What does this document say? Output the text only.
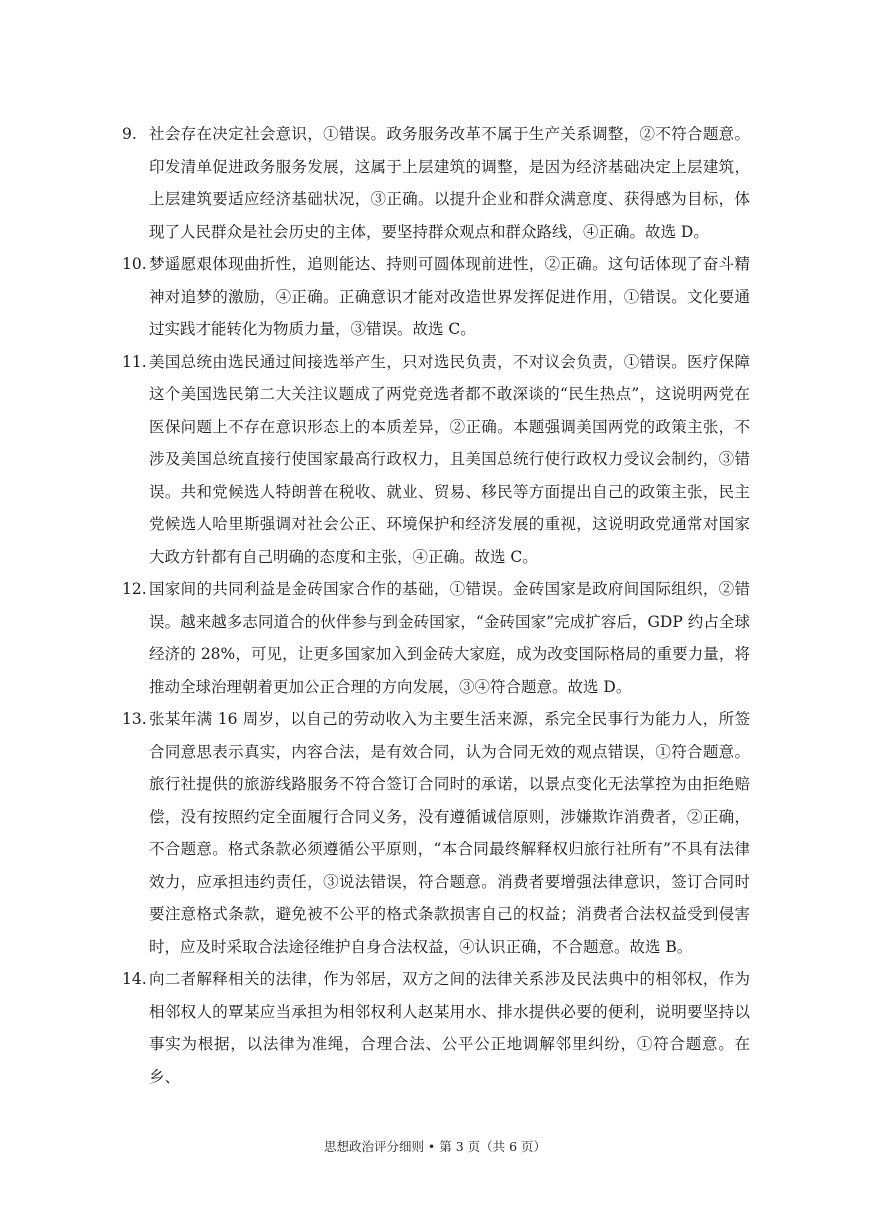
9. 社会存在决定社会意识，①错误。政务服务改革不属于生产关系调整，②不符合题意。印发清单促进政务服务发展，这属于上层建筑的调整，是因为经济基础决定上层建筑，上层建筑要适应经济基础状况，③正确。以提升企业和群众满意度、获得感为目标，体现了人民群众是社会历史的主体，要坚持群众观点和群众路线，④正确。故选 D。

10. 梦遥愿艰体现曲折性，追则能达、持则可圆体现前进性，②正确。这句话体现了奋斗精神对追梦的激励，④正确。正确意识才能对改造世界发挥促进作用，①错误。文化要通过实践才能转化为物质力量，③错误。故选 C。

11. 美国总统由选民通过间接选举产生，只对选民负责，不对议会负责，①错误。医疗保障这个美国选民第二大关注议题成了两党竞选者都不敢深谈的“民生热点”，这说明两党在医保问题上不存在意识形态上的本质差异，②正确。本题强调美国两党的政策主张，不涉及美国总统直接行使国家最高行政权力，且美国总统行使行政权力受议会制约，③错误。共和党候选人特朗普在税收、就业、贸易、移民等方面提出自己的政策主张，民主党候选人哈里斯强调对社会公正、环境保护和经济发展的重视，这说明政党通常对国家大政方针都有自己明确的态度和主张，④正确。故选 C。

12. 国家间的共同利益是金砖国家合作的基础，①错误。金砖国家是政府间国际组织，②错误。越来越多志同道合的伙伴参与到金砖国家，“金砖国家”完成扩容后，GDP 约占全球经济的 28%，可见，让更多国家加入到金砖大家庭，成为改变国际格局的重要力量，将推动全球治理朝着更加公正合理的方向发展，③④符合题意。故选 D。

13. 张某年满 16 周岁，以自己的劳动收入为主要生活来源，系完全民事行为能力人，所签合同意思表示真实，内容合法，是有效合同，认为合同无效的观点错误，①符合题意。旅行社提供的旅游线路服务不符合签订合同时的承诺，以景点变化无法掌控为由拒绝赔偿，没有按照约定全面履行合同义务，没有遵循诚信原则，涉嫌欺诈消费者，②正确，不合题意。格式条款必须遵循公平原则，“本合同最终解释权归旅行社所有”不具有法律效力，应承担违约责任，③说法错误，符合题意。消费者要增强法律意识，签订合同时要注意格式条款，避免被不公平的格式条款损害自己的权益；消费者合法权益受到侵害时，应及时采取合法途径维护自身合法权益，④认识正确，不合题意。故选 B。

14. 向二者解释相关的法律，作为邻居，双方之间的法律关系涉及民法典中的相邻权，作为相邻权人的覃某应当承担为相邻权利人赵某用水、排水提供必要的便利，说明要坚持以事实为根据，以法律为准绳，合理合法、公平公正地调解邻里纠纷，①符合题意。在乡、

思想政治评分细则 • 第 3 页（共 6 页）
